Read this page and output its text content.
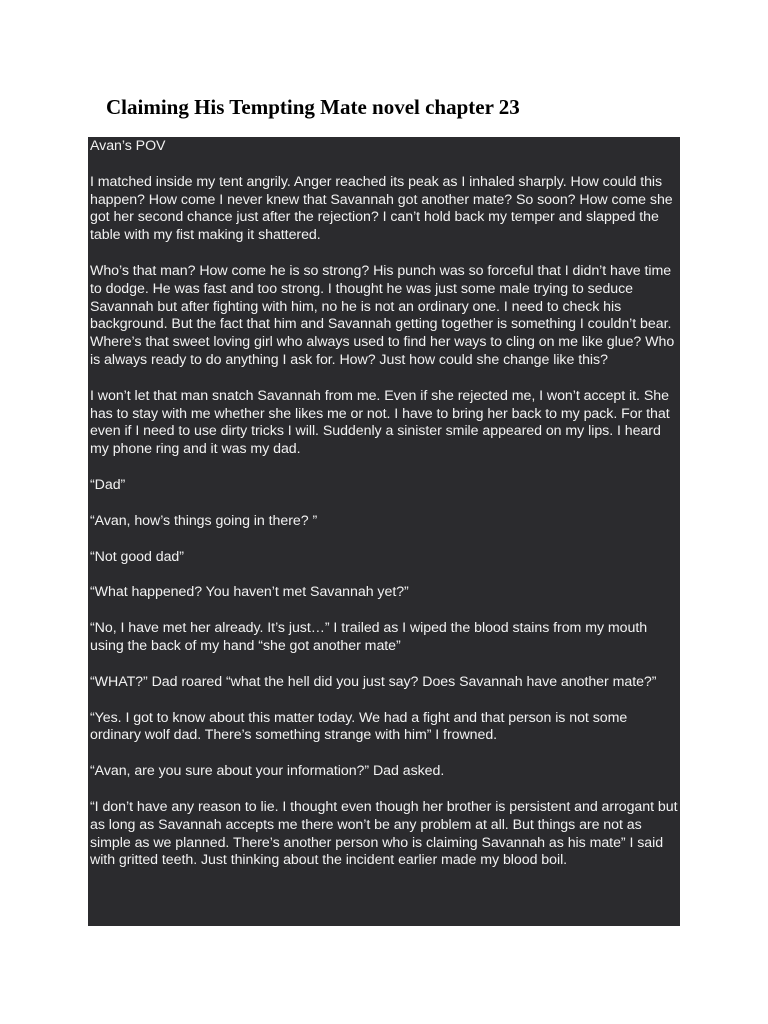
Claiming His Tempting Mate novel chapter 23

Avan’s POV

I matched inside my tent angrily. Anger reached its peak as I inhaled sharply. How could this happen? How come I never knew that Savannah got another mate? So soon? How come she got her second chance just after the rejection? I can’t hold back my temper and slapped the table with my fist making it shattered.

Who’s that man? How come he is so strong? His punch was so forceful that I didn’t have time to dodge. He was fast and too strong. I thought he was just some male trying to seduce Savannah but after fighting with him, no he is not an ordinary one. I need to check his background. But the fact that him and Savannah getting together is something I couldn’t bear. Where’s that sweet loving girl who always used to find her ways to cling on me like glue? Who is always ready to do anything I ask for. How? Just how could she change like this?

I won’t let that man snatch Savannah from me. Even if she rejected me, I won’t accept it. She has to stay with me whether she likes me or not. I have to bring her back to my pack. For that even if I need to use dirty tricks I will. Suddenly a sinister smile appeared on my lips. I heard my phone ring and it was my dad.

“Dad”

“Avan, how’s things going in there? ”

“Not good dad”

“What happened? You haven’t met Savannah yet?”

“No, I have met her already. It’s just…” I trailed as I wiped the blood stains from my mouth using the back of my hand “she got another mate”

“WHAT?” Dad roared “what the hell did you just say? Does Savannah have another mate?”

“Yes. I got to know about this matter today. We had a fight and that person is not some ordinary wolf dad. There’s something strange with him” I frowned.

“Avan, are you sure about your information?” Dad asked.

“I don’t have any reason to lie. I thought even though her brother is persistent and arrogant but as long as Savannah accepts me there won’t be any problem at all. But things are not as simple as we planned. There’s another person who is claiming Savannah as his mate” I said with gritted teeth. Just thinking about the incident earlier made my blood boil.
